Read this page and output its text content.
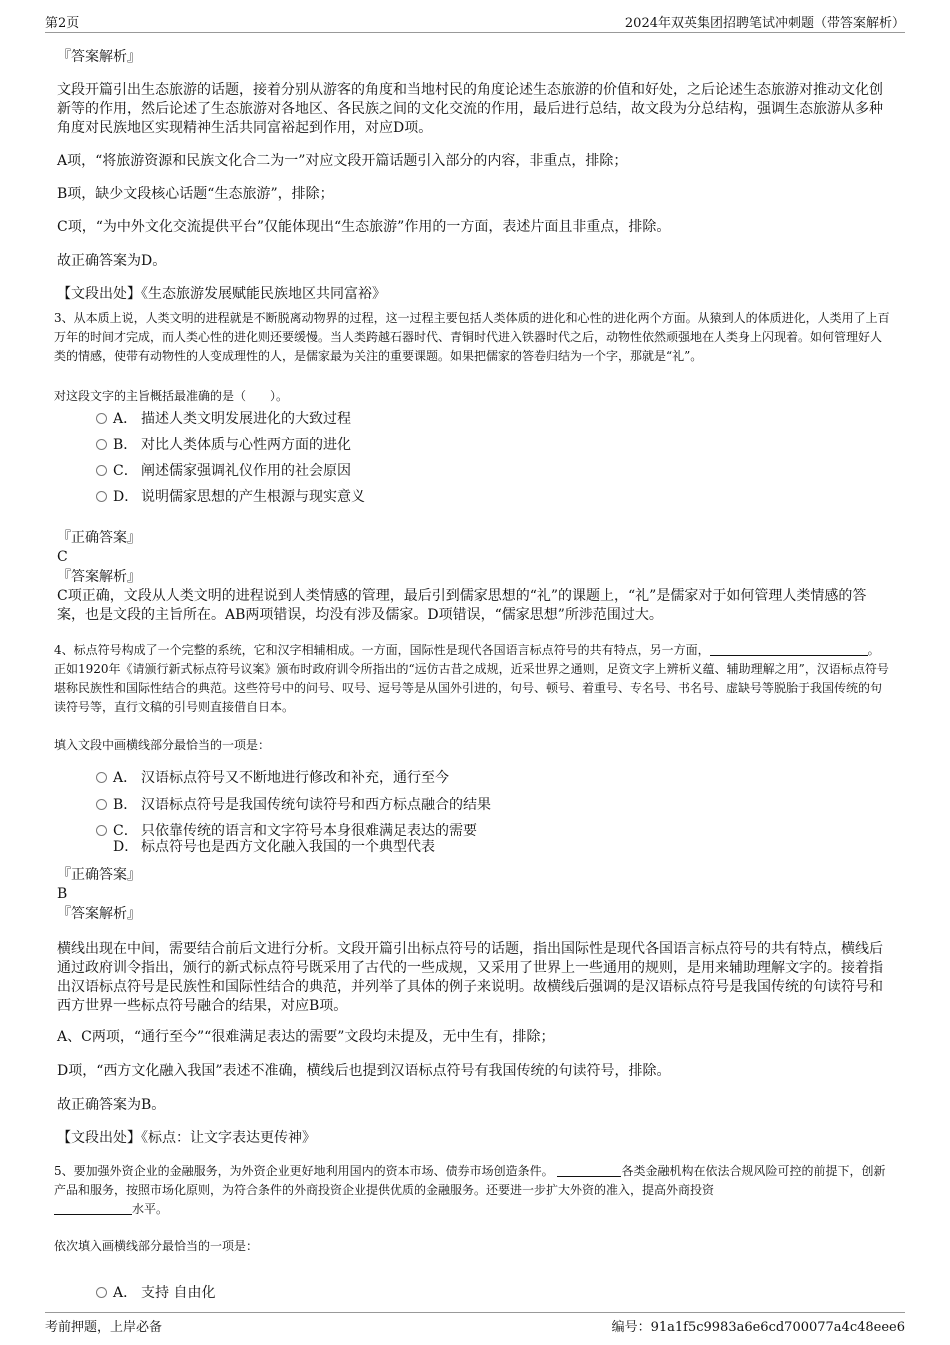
第2页	2024年双英集团招聘笔试冲刺题（带答案解析）
『答案解析』
文段开篇引出生态旅游的话题，接着分别从游客的角度和当地村民的角度论述生态旅游的价值和好处，之后论述生态旅游对推动文化创新等的作用，然后论述了生态旅游对各地区、各民族之间的文化交流的作用，最后进行总结，故文段为分总结构，强调生态旅游从多种角度对民族地区实现精神生活共同富裕起到作用，对应D项。
A项，“将旅游资源和民族文化合二为一”对应文段开篇话题引入部分的内容，非重点，排除；
B项，缺少文段核心话题“生态旅游”，排除；
C项，“为中外文化交流提供平台”仅能体现出“生态旅游”作用的一方面，表述片面且非重点，排除。
故正确答案为D。
【文段出处】《生态旅游发展赋能民族地区共同富裕》
3、从本质上说，人类文明的进程就是不断脱离动物界的过程，这一过程主要包括人类体质的进化和心性的进化两个方面。从猿到人的体质进化，人类用了上百万年的时间才完成，而人类心性的进化则还要缓慢。当人类跨越石器时代、青铜时代进入铁器时代之后，动物性依然顽强地在人类身上闪现着。如何管理好人类的情感，使带有动物性的人变成理性的人，是儒家最为关注的重要课题。如果把儒家的答卷归结为一个字，那就是“礼”。
对这段文字的主旨概括最准确的是（　　）。
A． 描述人类文明发展进化的大致过程
B． 对比人类体质与心性两方面的进化
C． 阐述儒家强调礼仪作用的社会原因
D． 说明儒家思想的产生根源与现实意义
『正确答案』
C
『答案解析』
C项正确，文段从人类文明的进程说到人类情感的管理，最后引到儒家思想的“礼”的课题上，“礼”是儒家对于如何管理人类情感的答案，也是文段的主旨所在。AB两项错误，均没有涉及儒家。D项错误，“儒家思想”所涉范围过大。
4、标点符号构成了一个完整的系统，它和汉字相辅相成。一方面，国际性是现代各国语言标点符号的共有特点，另一方面，	。正如1920年《请颁行新式标点符号议案》颁布时政府训令所指出的“远仿古昔之成规，近采世界之通则，足资文字上辨析义蕴、辅助理解之用”，汉语标点符号堪称民族性和国际性结合的典范。这些符号中的问号、叹号、逗号等是从国外引进的，句号、顿号、着重号、专名号、书名号、虚缺号等脱胎于我国传统的句读符号等，直行文稿的引号则直接借自日本。
填入文段中画横线部分最恰当的一项是：
A． 汉语标点符号又不断地进行修改和补充，通行至今
B． 汉语标点符号是我国传统句读符号和西方标点融合的结果
C． 只依靠传统的语言和文字符号本身很难满足表达的需要
D． 标点符号也是西方文化融入我国的一个典型代表
『正确答案』
B
『答案解析』
横线出现在中间，需要结合前后文进行分析。文段开篇引出标点符号的话题，指出国际性是现代各国语言标点符号的共有特点，横线后通过政府训令指出，颁行的新式标点符号既采用了古代的一些成规，又采用了世界上一些通用的规则，是用来辅助理解文字的。接着指出汉语标点符号是民族性和国际性结合的典范，并列举了具体的例子来说明。故横线后强调的是汉语标点符号是我国传统的句读符号和西方世界一些标点符号融合的结果，对应B项。
A、C两项，“通行至今”“很难满足表达的需要”文段均未提及，无中生有，排除；
D项，“西方文化融入我国”表述不准确，横线后也提到汉语标点符号有我国传统的句读符号，排除。
故正确答案为B。
【文段出处】《标点：让文字表达更传神》
5、要加强外资企业的金融服务，为外资企业更好地利用国内的资本市场、债券市场创造条件。	各类金融机构在依法合规风险可控的前提下，创新产品和服务，按照市场化原则，为符合条件的外商投资企业提供优质的金融服务。还要进一步扩大外资的准入，提高外商投资
水平。
依次填入画横线部分最恰当的一项是：
A． 支持 自由化
考前押题，上岸必备	编号：91a1f5c9983a6e6cd700077a4c48eee6
